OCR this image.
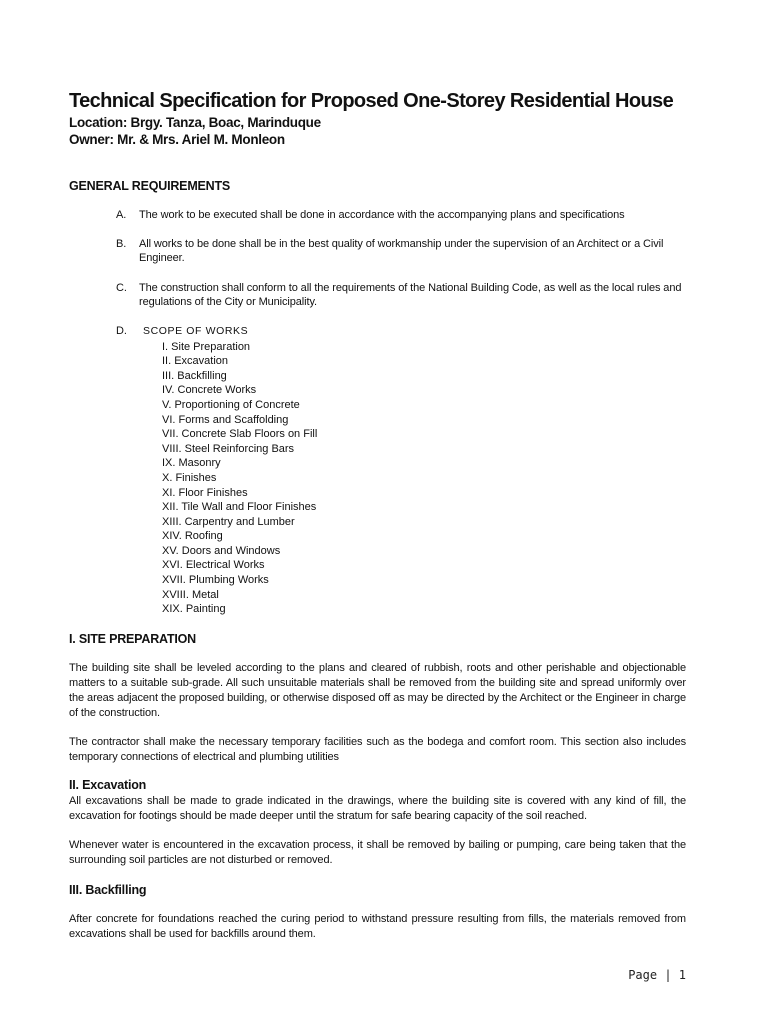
Technical Specification for Proposed One-Storey Residential House
Location: Brgy. Tanza, Boac, Marinduque
Owner: Mr. & Mrs. Ariel M. Monleon
GENERAL REQUIREMENTS
A. The work to be executed shall be done in accordance with the accompanying plans and specifications
B. All works to be done shall be in the best quality of workmanship under the supervision of an Architect or a Civil Engineer.
C. The construction shall conform to all the requirements of the National Building Code, as well as the local rules and regulations of the City or Municipality.
D. SCOPE OF WORKS
I. Site Preparation
II. Excavation
III. Backfilling
IV. Concrete Works
V. Proportioning of Concrete
VI. Forms and Scaffolding
VII. Concrete Slab Floors on Fill
VIII. Steel Reinforcing Bars
IX. Masonry
X. Finishes
XI. Floor Finishes
XII. Tile Wall and Floor Finishes
XIII. Carpentry and Lumber
XIV. Roofing
XV. Doors and Windows
XVI. Electrical Works
XVII. Plumbing Works
XVIII. Metal
XIX. Painting
I. SITE PREPARATION
The building site shall be leveled according to the plans and cleared of rubbish, roots and other perishable and objectionable matters to a suitable sub-grade. All such unsuitable materials shall be removed from the building site and spread uniformly over the areas adjacent the proposed building, or otherwise disposed off as may be directed by the Architect or the Engineer in charge of the construction.
The contractor shall make the necessary temporary facilities such as the bodega and comfort room. This section also includes temporary connections of electrical and plumbing utilities
II. Excavation
All excavations shall be made to grade indicated in the drawings, where the building site is covered with any kind of fill, the excavation for footings should be made deeper until the stratum for safe bearing capacity of the soil reached.
Whenever water is encountered in the excavation process, it shall be removed by bailing or pumping, care being taken that the surrounding soil particles are not disturbed or removed.
III. Backfilling
After concrete for foundations reached the curing period to withstand pressure resulting from fills, the materials removed from excavations shall be used for backfills around them.
Page | 1
